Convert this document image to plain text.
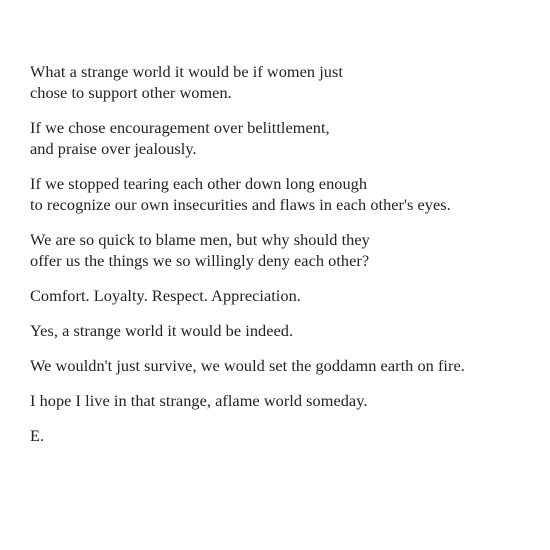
What a strange world it would be if women just
chose to support other women.

If we chose encouragement over belittlement,
and praise over jealously.

If we stopped tearing each other down long enough
to recognize our own insecurities and flaws in each other's eyes.

We are so quick to blame men, but why should they
offer us the things we so willingly deny each other?

Comfort. Loyalty. Respect. Appreciation.

Yes, a strange world it would be indeed.

We wouldn't just survive, we would set the goddamn earth on fire.

I hope I live in that strange, aflame world someday.

E.
